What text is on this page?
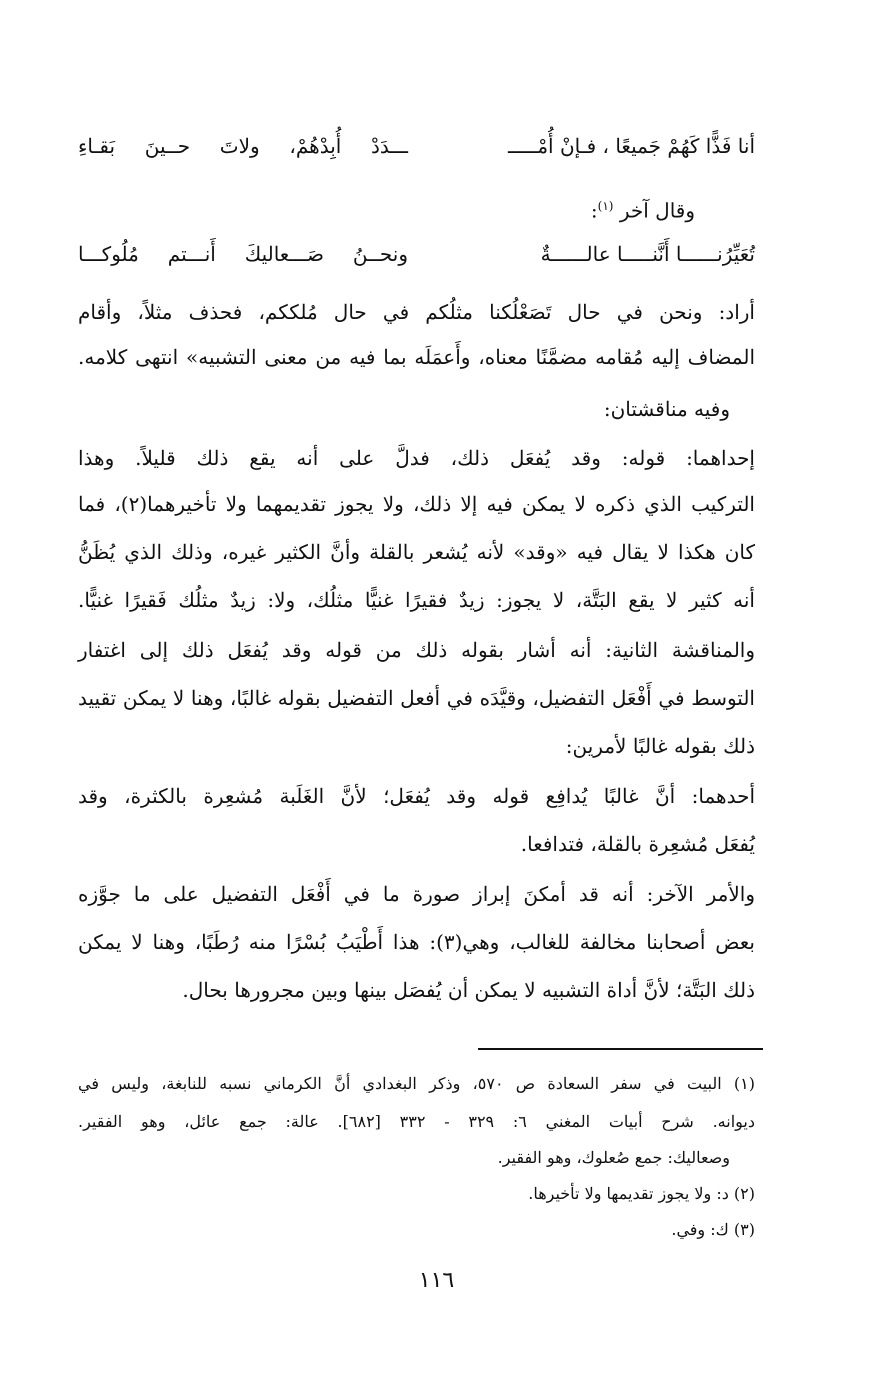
أنا فَذًّا كَهُمْ جَميعًا ، فـإنْ أُمْـــــ
ـــدَدْ أُبِدْهُمْ، ولاتَ حــينَ بَقـاءِ
وقال آخر $^{(١)}$:
تُعَيِّرُنــــــا أَنَّنـــــا عالــــــةٌ
ونحــنُ صَـــعاليكَ أَنـــتم مُلُوكـــا
أراد: ونحن في حال تَصَعْلُكنا مثلُكم في حال مُلككم، فحذف مثلاً، وأقام
المضاف إليه مُقامه مضمَّنًا معناه، وأَعمَلَه بما فيه من معنى التشبيه» انتهى كلامه.
وفيه مناقشتان:
إحداهما: قوله: وقد يُفعَل ذلك، فدلَّ على أنه يقع ذلك قليلاً. وهذا
التركيب الذي ذكره لا يمكن فيه إلا ذلك، ولا يجوز تقديمهما ولا تأخيرهما(٢)، فما
كان هكذا لا يقال فيه «وقد» لأنه يُشعر بالقلة وأنَّ الكثير غيره، وذلك الذي يُظَنُّ
أنه كثير لا يقع البَتَّة، لا يجوز: زيدٌ فقيرًا غنيًّا مثلُك، ولا: زيدٌ مثلُك فَقيرًا غنيًّا.
والمناقشة الثانية: أنه أشار بقوله ذلك من قوله وقد يُفعَل ذلك إلى اغتفار
التوسط في أَفْعَل التفضيل، وقيَّدَه في أفعل التفضيل بقوله غالبًا، وهنا لا يمكن تقييد
ذلك بقوله غالبًا لأمرين:
أحدهما: أنَّ غالبًا يُدافِع قوله وقد يُفعَل؛ لأنَّ الغَلَبة مُشعِرة بالكثرة، وقد
يُفعَل مُشعِرة بالقلة، فتدافعا.
والأمر الآخر: أنه قد أمكنَ إبراز صورة ما في أَفْعَل التفضيل على ما جوَّزه
بعض أصحابنا مخالفة للغالب، وهي(٣): هذا أَطْيَبُ بُسْرًا منه رُطَبًا، وهنا لا يمكن
ذلك البَتَّة؛ لأنَّ أداة التشبيه لا يمكن أن يُفصَل بينها وبين مجرورها بحال.
(١) البيت في سفر السعادة ص ٥٧٠، وذكر البغدادي أنَّ الكرماني نسبه للنابغة، وليس في
ديوانه. شرح أبيات المغني ٦: ٣٢٩ - ٣٣٢ [٦٨٢]. عالة: جمع عائل، وهو الفقير.
وصعاليك: جمع صُعلوك، وهو الفقير.
(٢) د: ولا يجوز تقديمها ولا تأخيرها.
(٣) ك: وفي.
١١٦
